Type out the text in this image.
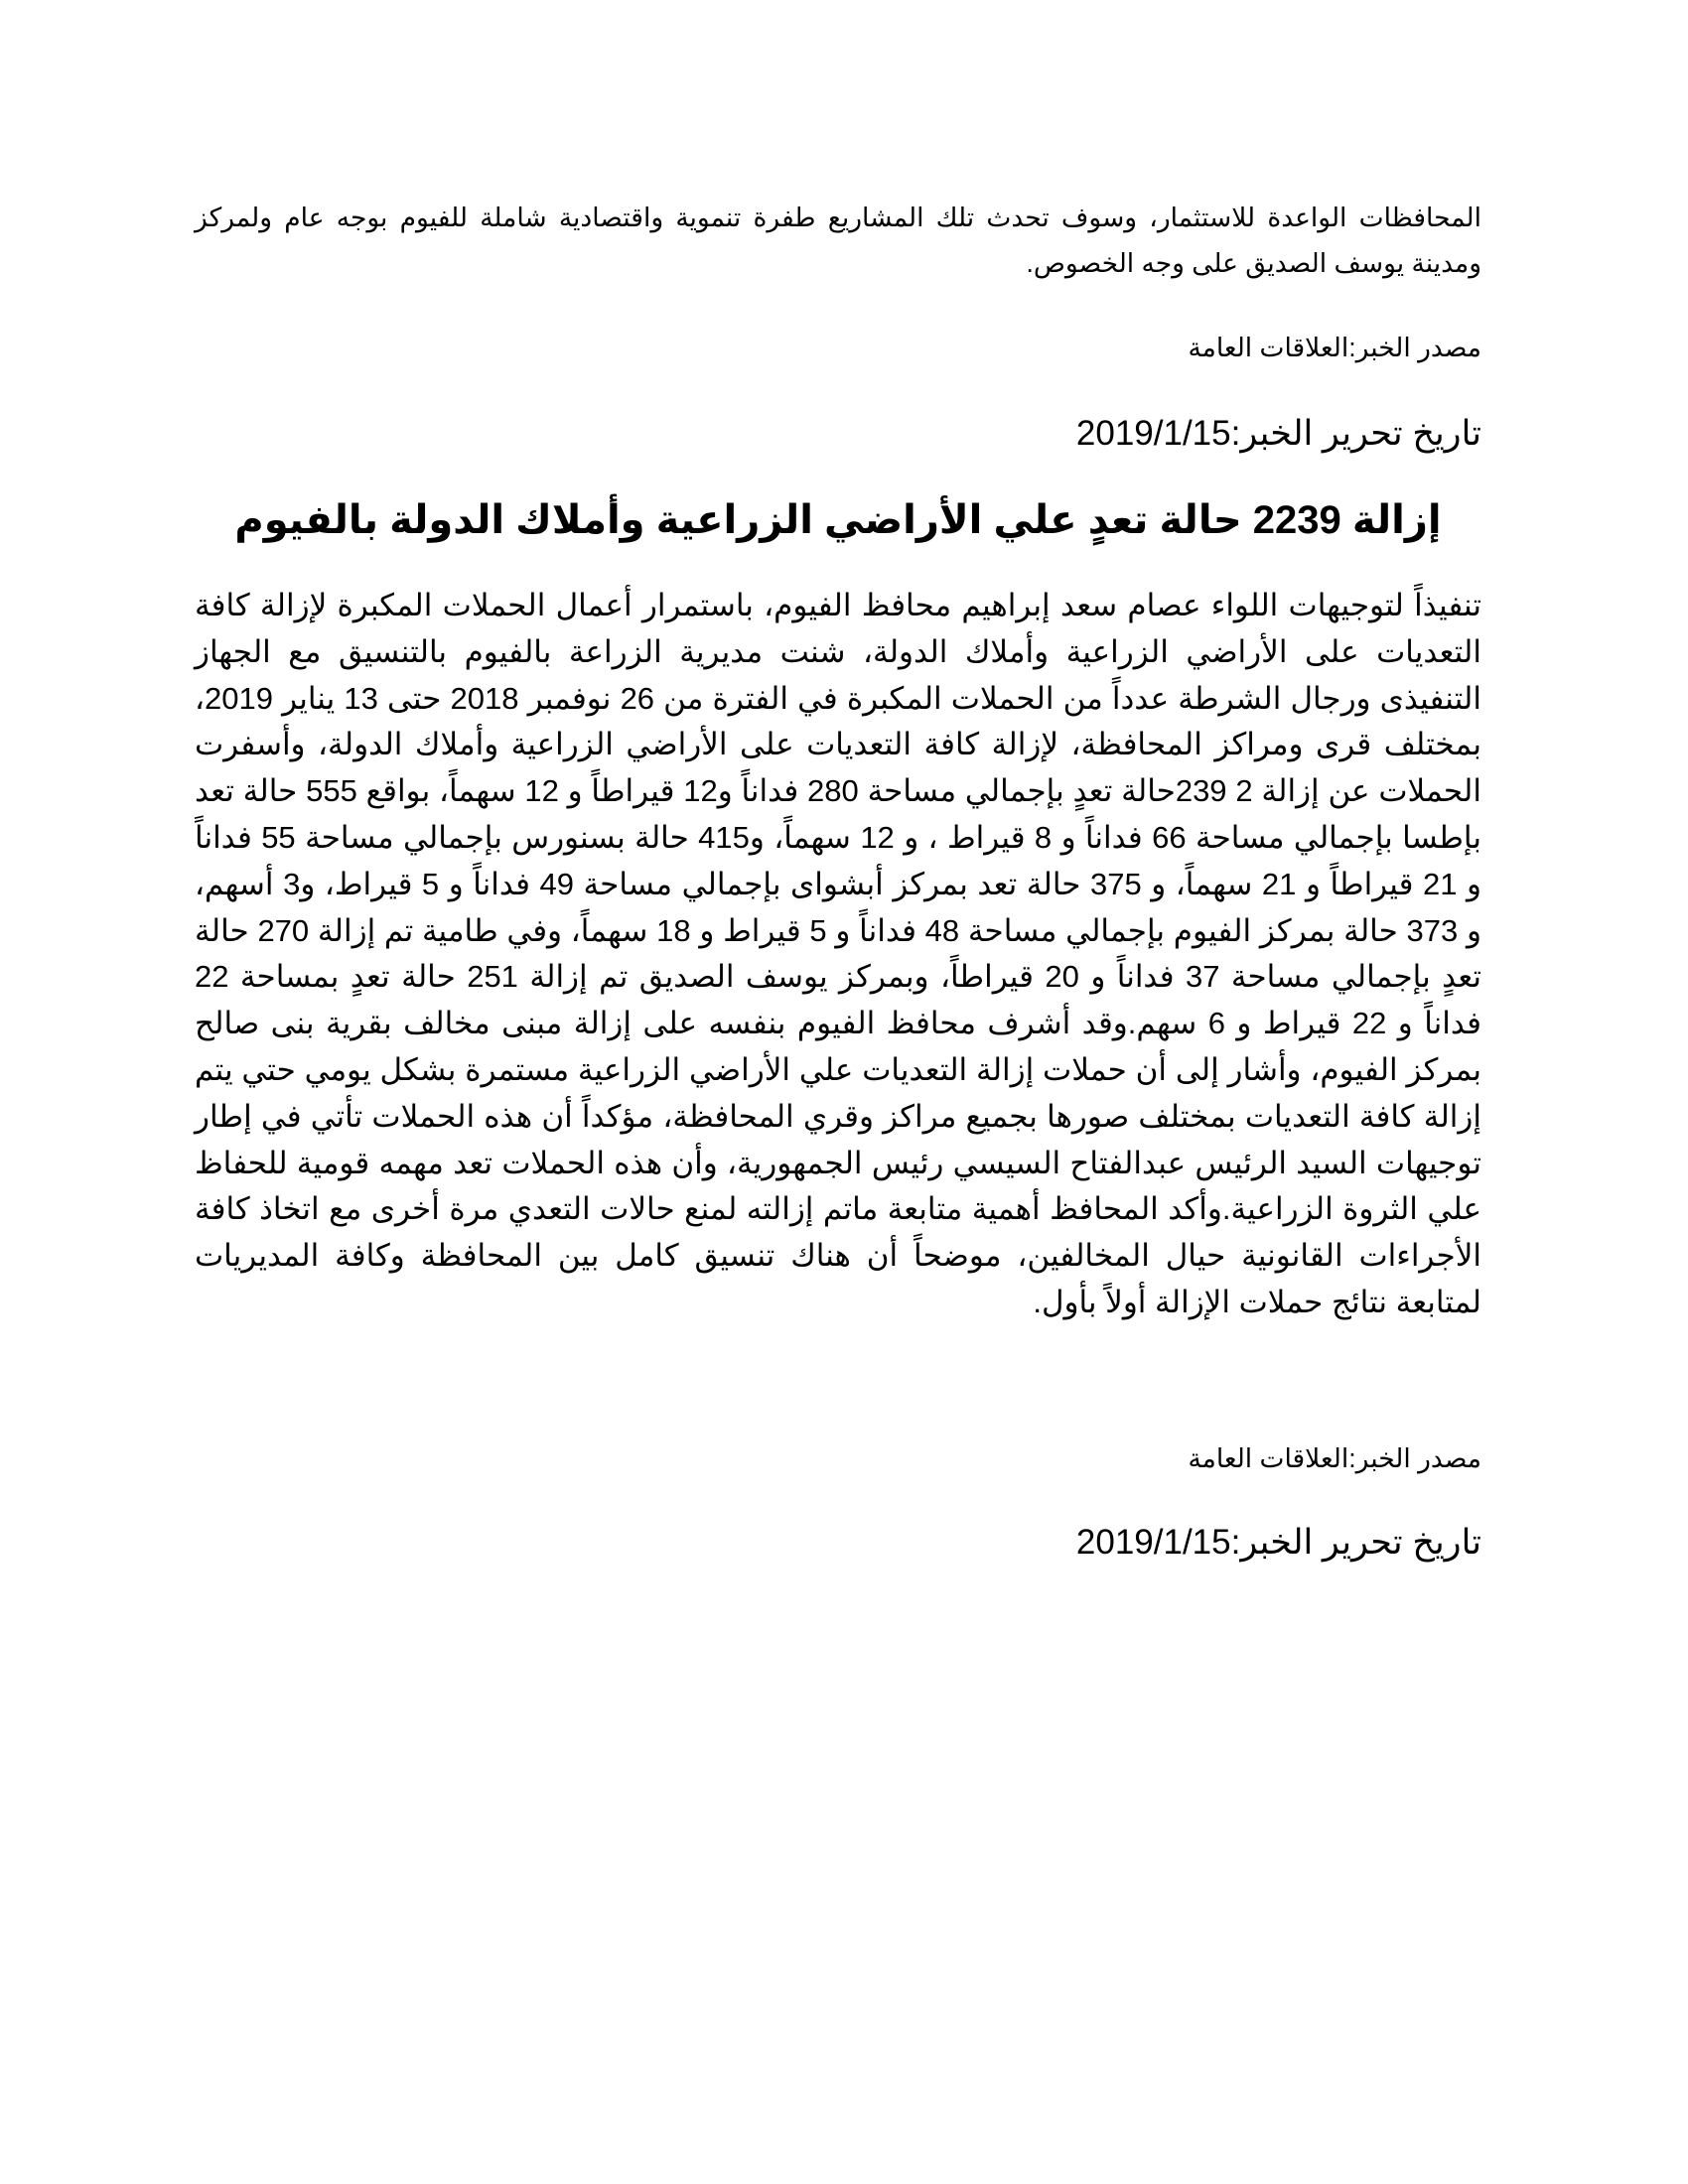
المحافظات الواعدة للاستثمار، وسوف تحدث تلك المشاريع طفرة تنموية واقتصادية شاملة للفيوم بوجه عام ولمركز ومدينة يوسف الصديق على وجه الخصوص.

مصدر الخبر:العلاقات العامة

تاريخ تحرير الخبر:2019/1/15

إزالة 2239 حالة تعدٍ علي الأراضي الزراعية وأملاك الدولة بالفيوم

تنفيذاً لتوجيهات اللواء عصام سعد إبراهيم محافظ الفيوم، باستمرار أعمال الحملات المكبرة لإزالة كافة التعديات على الأراضي الزراعية وأملاك الدولة، شنت مديرية الزراعة بالفيوم بالتنسيق مع الجهاز التنفيذى ورجال الشرطة عدداً من الحملات المكبرة في الفترة من 26 نوفمبر 2018 حتى 13 يناير 2019، بمختلف قرى ومراكز المحافظة، لإزالة كافة التعديات على الأراضي الزراعية وأملاك الدولة، وأسفرت الحملات عن إزالة 2 239حالة تعدٍ بإجمالي مساحة 280 فداناً و12 قيراطاً و 12 سهماً، بواقع 555 حالة تعد بإطسا بإجمالي مساحة 66 فداناً و 8 قيراط ، و 12 سهماً، و415 حالة بسنورس بإجمالي مساحة 55 فداناً و 21 قيراطاً و 21 سهماً، و 375 حالة تعد بمركز أبشواى بإجمالي مساحة 49 فداناً و 5 قيراط، و3 أسهم، و 373 حالة بمركز الفيوم بإجمالي مساحة 48 فداناً و 5 قيراط و 18 سهماً، وفي طامية تم إزالة 270 حالة تعدٍ بإجمالي مساحة 37 فداناً و 20 قيراطاً، وبمركز يوسف الصديق تم إزالة 251 حالة تعدٍ بمساحة 22 فداناً و 22 قيراط و 6 سهم.وقد أشرف محافظ الفيوم بنفسه على إزالة مبنى مخالف بقرية بنى صالح بمركز الفيوم، وأشار إلى أن حملات إزالة التعديات علي الأراضي الزراعية مستمرة بشكل يومي حتي يتم إزالة كافة التعديات بمختلف صورها بجميع مراكز وقري المحافظة، مؤكداً أن هذه الحملات تأتي في إطار توجيهات السيد الرئيس عبدالفتاح السيسي رئيس الجمهورية، وأن هذه الحملات تعد مهمه قومية للحفاظ علي الثروة الزراعية.وأكد المحافظ أهمية متابعة ماتم إزالته لمنع حالات التعدي مرة أخرى مع اتخاذ كافة الأجراءات القانونية حيال المخالفين، موضحاً أن هناك تنسيق كامل بين المحافظة وكافة المديريات لمتابعة نتائج حملات الإزالة أولاً بأول.

مصدر الخبر:العلاقات العامة

تاريخ تحرير الخبر:2019/1/15
